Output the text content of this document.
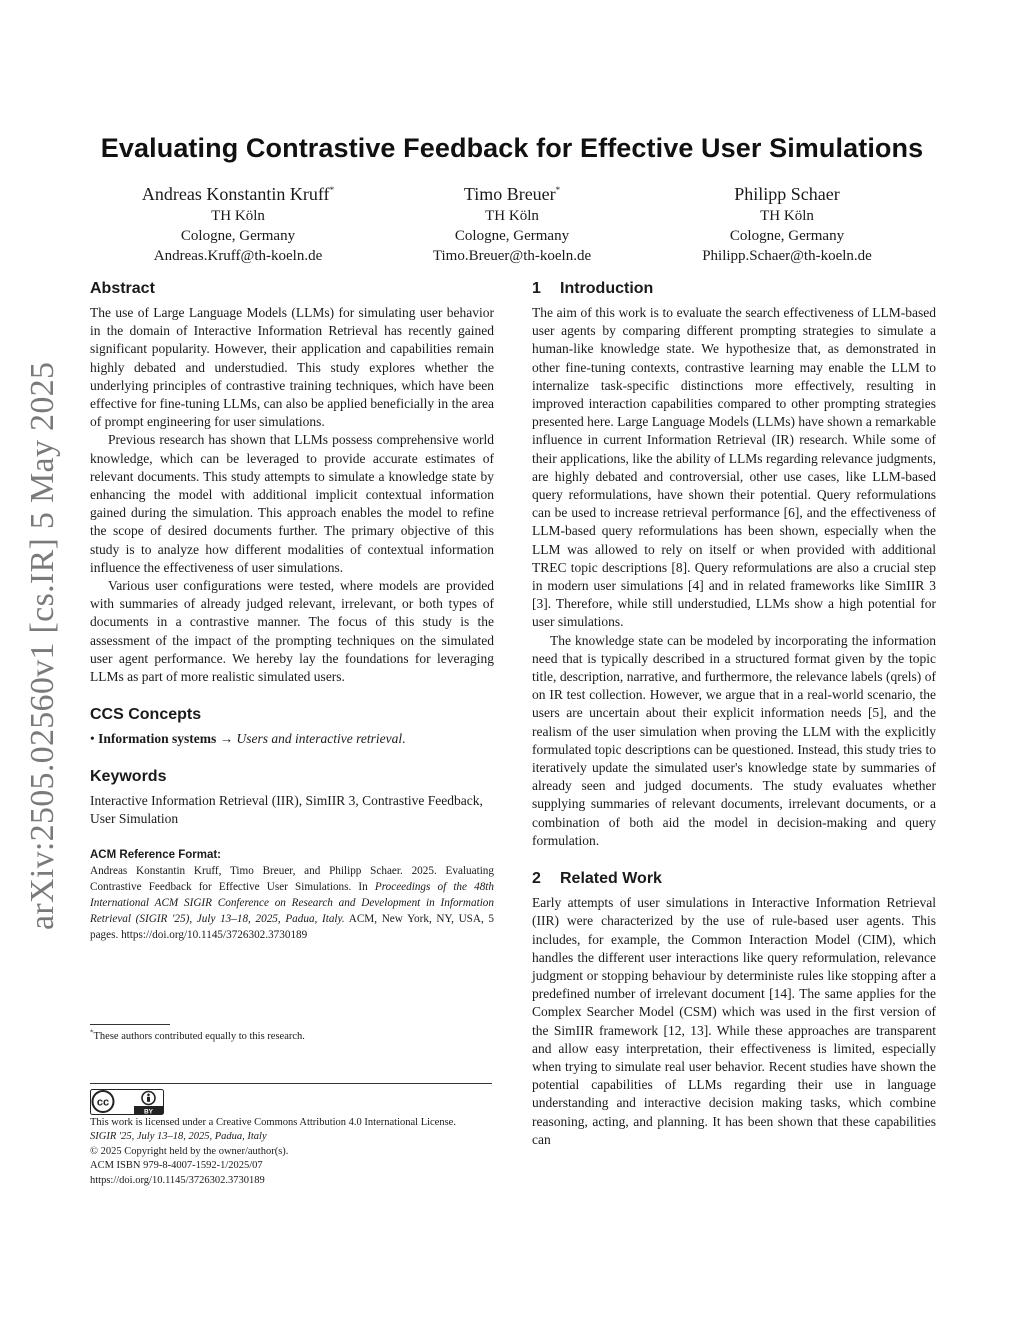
arXiv:2505.02560v1 [cs.IR] 5 May 2025
Evaluating Contrastive Feedback for Effective User Simulations
Andreas Konstantin Kruff*
TH Köln
Cologne, Germany
Andreas.Kruff@th-koeln.de
Timo Breuer*
TH Köln
Cologne, Germany
Timo.Breuer@th-koeln.de
Philipp Schaer
TH Köln
Cologne, Germany
Philipp.Schaer@th-koeln.de
Abstract

The use of Large Language Models (LLMs) for simulating user behavior in the domain of Interactive Information Retrieval has recently gained significant popularity. However, their application and capabilities remain highly debated and understudied. This study explores whether the underlying principles of contrastive training techniques, which have been effective for fine-tuning LLMs, can also be applied beneficially in the area of prompt engineering for user simulations.

Previous research has shown that LLMs possess comprehensive world knowledge, which can be leveraged to provide accurate estimates of relevant documents. This study attempts to simulate a knowledge state by enhancing the model with additional implicit contextual information gained during the simulation. This approach enables the model to refine the scope of desired documents further. The primary objective of this study is to analyze how different modalities of contextual information influence the effectiveness of user simulations.

Various user configurations were tested, where models are provided with summaries of already judged relevant, irrelevant, or both types of documents in a contrastive manner. The focus of this study is the assessment of the impact of the prompting techniques on the simulated user agent performance. We hereby lay the foundations for leveraging LLMs as part of more realistic simulated users.

CCS Concepts
• Information systems → Users and interactive retrieval.
Keywords

Interactive Information Retrieval (IIR), SimIIR 3, Contrastive Feedback, User Simulation

ACM Reference Format:

Andreas Konstantin Kruff, Timo Breuer, and Philipp Schaer. 2025. Evaluating Contrastive Feedback for Effective User Simulations. In Proceedings of the 48th International ACM SIGIR Conference on Research and Development in Information Retrieval (SIGIR '25), July 13–18, 2025, Padua, Italy. ACM, New York, NY, USA, 5 pages. https://doi.org/10.1145/3726302.3730189

*These authors contributed equally to this research.
cc
BY
This work is licensed under a Creative Commons Attribution 4.0 International License.
SIGIR '25, July 13–18, 2025, Padua, Italy
© 2025 Copyright held by the owner/author(s).
ACM ISBN 979-8-4007-1592-1/2025/07
https://doi.org/10.1145/3726302.3730189
1 Introduction

The aim of this work is to evaluate the search effectiveness of LLM-based user agents by comparing different prompting strategies to simulate a human-like knowledge state. We hypothesize that, as demonstrated in other fine-tuning contexts, contrastive learning may enable the LLM to internalize task-specific distinctions more effectively, resulting in improved interaction capabilities compared to other prompting strategies presented here. Large Language Models (LLMs) have shown a remarkable influence in current Information Retrieval (IR) research. While some of their applications, like the ability of LLMs regarding relevance judgments, are highly debated and controversial, other use cases, like LLM-based query reformulations, have shown their potential. Query reformulations can be used to increase retrieval performance [6], and the effectiveness of LLM-based query reformulations has been shown, especially when the LLM was allowed to rely on itself or when provided with additional TREC topic descriptions [8]. Query reformulations are also a crucial step in modern user simulations [4] and in related frameworks like SimIIR 3 [3]. Therefore, while still understudied, LLMs show a high potential for user simulations.

The knowledge state can be modeled by incorporating the information need that is typically described in a structured format given by the topic title, description, narrative, and furthermore, the relevance labels (qrels) of on IR test collection. However, we argue that in a real-world scenario, the users are uncertain about their explicit information needs [5], and the realism of the user simulation when proving the LLM with the explicitly formulated topic descriptions can be questioned. Instead, this study tries to iteratively update the simulated user's knowledge state by summaries of already seen and judged documents. The study evaluates whether supplying summaries of relevant documents, irrelevant documents, or a combination of both aid the model in decision-making and query formulation.

2 Related Work

Early attempts of user simulations in Interactive Information Retrieval (IIR) were characterized by the use of rule-based user agents. This includes, for example, the Common Interaction Model (CIM), which handles the different user interactions like query reformulation, relevance judgment or stopping behaviour by deterministe rules like stopping after a predefined number of irrelevant document [14]. The same applies for the Complex Searcher Model (CSM) which was used in the first version of the SimIIR framework [12, 13]. While these approaches are transparent and allow easy interpretation, their effectiveness is limited, especially when trying to simulate real user behavior. Recent studies have shown the potential capabilities of LLMs regarding their use in language understanding and interactive decision making tasks, which combine reasoning, acting, and planning. It has been shown that these capabilities can
